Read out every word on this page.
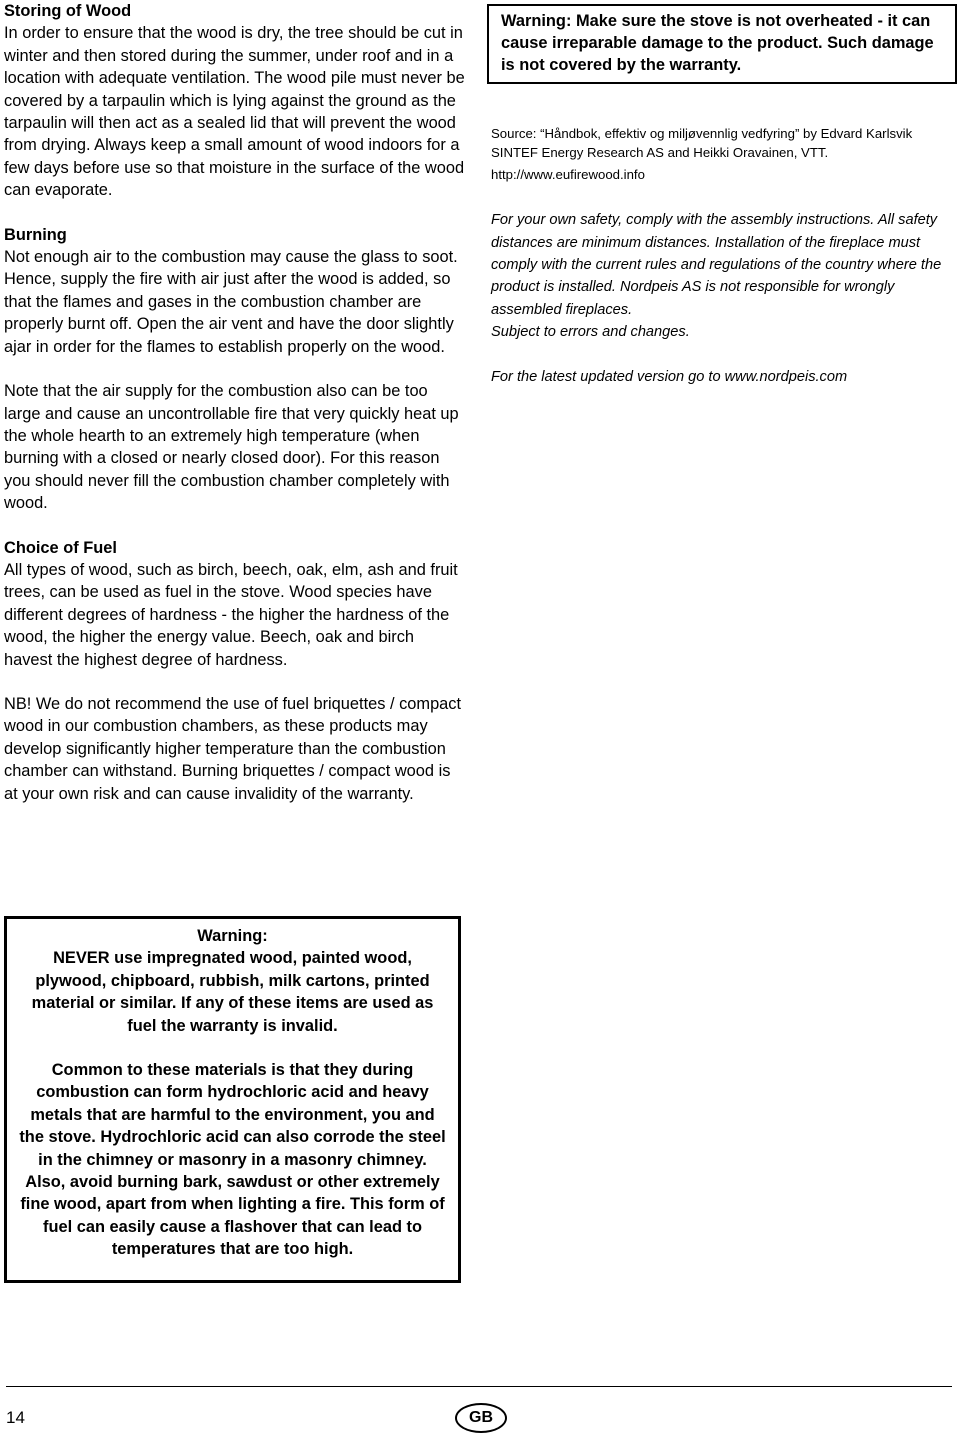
Storing of Wood

In order to ensure that the wood is dry, the tree should be cut in winter and then stored during the summer, under roof and in a location with adequate ventilation. The wood pile must never be covered by a tarpaulin which is lying against the ground as the tarpaulin will then act as a sealed lid that will prevent the wood from drying. Always keep a small amount of wood indoors for a few days before use so that moisture in the surface of the wood can evaporate.

Burning

Not enough air to the combustion may cause the glass to soot. Hence, supply the fire with air just after the wood is added, so that the flames and gases in the combustion chamber are properly burnt off. Open the air vent and have the door slightly ajar in order for the flames to establish properly on the wood.

Note that the air supply for the combustion also can be too large and cause an uncontrollable fire that very quickly heat up the whole hearth to an extremely high temperature (when burning with a closed or nearly closed door). For this reason you should never fill the combustion chamber completely with wood.

Choice of Fuel

All types of wood, such as birch, beech, oak, elm, ash and fruit trees, can be used as fuel in the stove. Wood species have different degrees of hardness - the higher the hardness of the wood, the higher the energy value. Beech, oak and birch havest the highest degree of hardness.

NB! We do not recommend the use of fuel briquettes / compact wood in our combustion chambers, as these products may develop significantly higher temperature than the combustion chamber can withstand. Burning briquettes / compact wood is at your own risk and can cause invalidity of the warranty.

Warning: Make sure the stove is not overheated - it can cause irreparable damage to the product. Such damage is not covered by the warranty.

Source: “Håndbok, effektiv og miljøvennlig vedfyring” by Edvard Karlsvik SINTEF Energy Research AS and Heikki Oravainen, VTT.

http://www.eufirewood.info

For your own safety, comply with the assembly instructions. All safety distances are minimum distances. Installation of the fireplace must comply with the current rules and regulations of the country where the product is installed. Nordpeis AS is not responsible for wrongly assembled fireplaces.

Subject to errors and changes.

For the latest updated version go to www.nordpeis.com

Warning:

NEVER use impregnated wood, painted wood, plywood, chipboard, rubbish, milk cartons, printed material or similar. If any of these items are used as fuel the warranty is invalid.

Common to these materials is that they during combustion can form hydrochloric acid and heavy metals that are harmful to the environment, you and the stove. Hydrochloric acid can also corrode the steel in the chimney or masonry in a masonry chimney. Also, avoid burning bark, sawdust or other extremely fine wood, apart from when lighting a fire. This form of fuel can easily cause a flashover that can lead to temperatures that are too high.

14	GB
